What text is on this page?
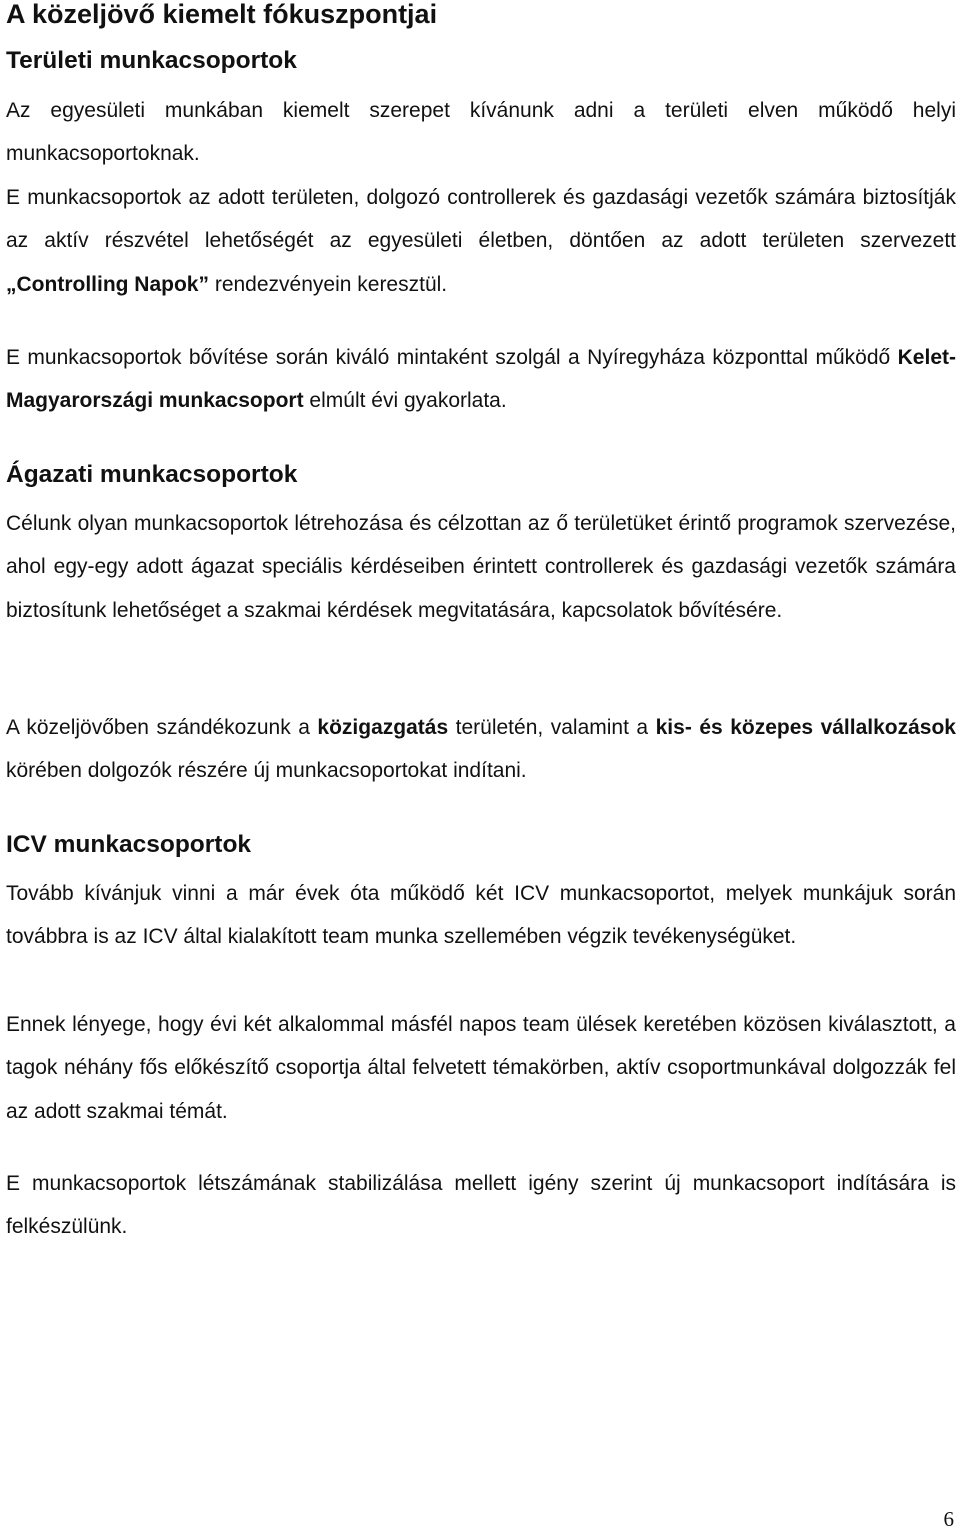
A közeljövő kiemelt fókuszpontjai
Területi munkacsoportok

Az egyesületi munkában kiemelt szerepet kívánunk adni a területi elven működő helyi munkacsoportoknak.

E munkacsoportok az adott területen, dolgozó controllerek és gazdasági vezetők számára biztosítják az aktív részvétel lehetőségét az egyesületi életben, döntően az adott területen szervezett „Controlling Napok” rendezvényein keresztül.

E munkacsoportok bővítése során kiváló mintaként szolgál a Nyíregyháza központtal működő Kelet-Magyarországi munkacsoport elmúlt évi gyakorlata.

Ágazati munkacsoportok

Célunk olyan munkacsoportok létrehozása és célzottan az ő területüket érintő programok szervezése, ahol egy-egy adott ágazat speciális kérdéseiben érintett controllerek és gazdasági vezetők számára biztosítunk lehetőséget a szakmai kérdések megvitatására, kapcsolatok bővítésére.

A közeljövőben szándékozunk a közigazgatás területén, valamint a kis- és közepes vállalkozások körében dolgozók részére új munkacsoportokat indítani.

ICV munkacsoportok

Tovább kívánjuk vinni a már évek óta működő két ICV munkacsoportot, melyek munkájuk során továbbra is az ICV által kialakított team munka szellemében végzik tevékenységüket.

Ennek lényege, hogy évi két alkalommal másfél napos team ülések keretében közösen kiválasztott, a tagok néhány fős előkészítő csoportja által felvetett témakörben, aktív csoportmunkával dolgozzák fel az adott szakmai témát.

E munkacsoportok létszámának stabilizálása mellett igény szerint új munkacsoport indítására is felkészülünk.

6
